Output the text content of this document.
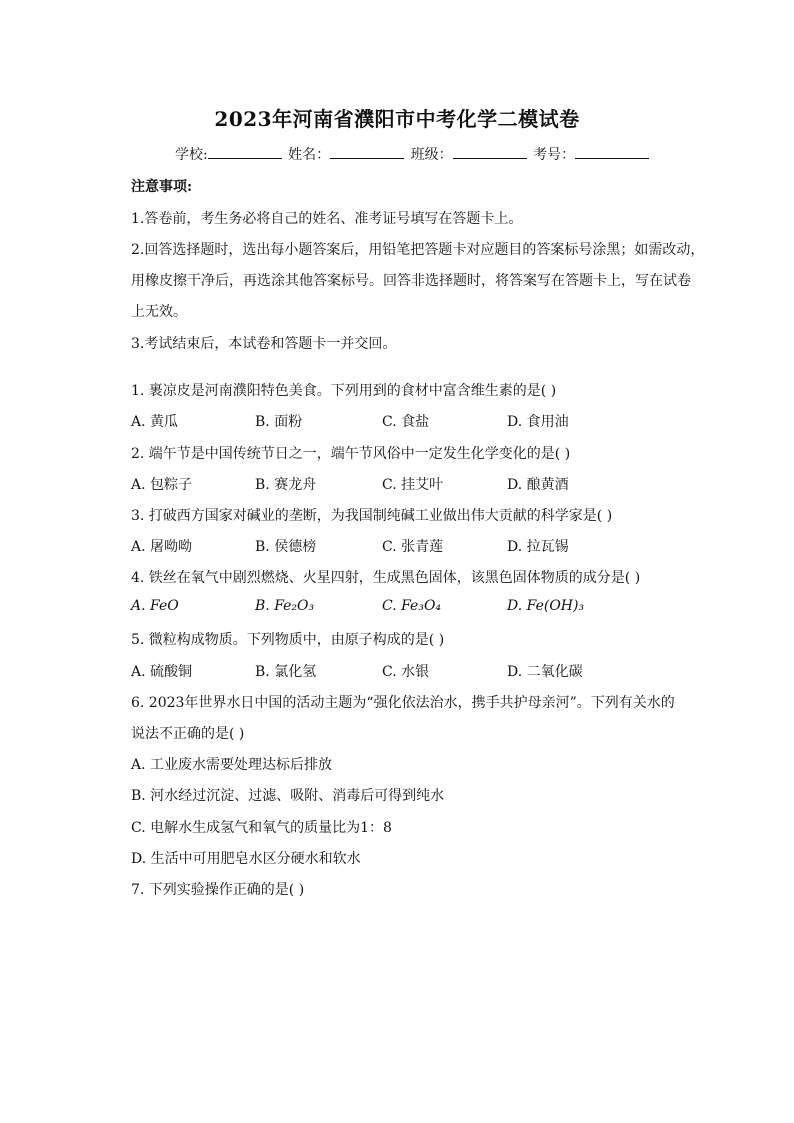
2023年河南省濮阳市中考化学二模试卷
学校:	姓名：	班级：	考号：
注意事项:
1.答卷前，考生务必将自己的姓名、准考证号填写在答题卡上。
2.回答选择题时，选出每小题答案后，用铅笔把答题卡对应题目的答案标号涂黑；如需改动，
用橡皮擦干净后，再选涂其他答案标号。回答非选择题时，将答案写在答题卡上，写在试卷
上无效。
3.考试结束后，本试卷和答题卡一并交回。
1. 裹凉皮是河南濮阳特色美食。下列用到的食材中富含维生素的是( )
A. 黄瓜	B. 面粉	C. 食盐	D. 食用油
2. 端午节是中国传统节日之一，端午节风俗中一定发生化学变化的是( )
A. 包粽子	B. 赛龙舟	C. 挂艾叶	D. 酿黄酒
3. 打破西方国家对碱业的垄断，为我国制纯碱工业做出伟大贡献的科学家是( )
A. 屠呦呦	B. 侯德榜	C. 张青莲	D. 拉瓦锡
4. 铁丝在氧气中剧烈燃烧、火星四射，生成黑色固体，该黑色固体物质的成分是( )
A. FeO	B. Fe₂O₃	C. Fe₃O₄	D. Fe(OH)₃
5. 微粒构成物质。下列物质中，由原子构成的是( )
A. 硫酸铜	B. 氯化氢	C. 水银	D. 二氧化碳
6. 2023年世界水日中国的活动主题为“强化依法治水，携手共护母亲河”。下列有关水的
说法不正确的是( )
A. 工业废水需要处理达标后排放
B. 河水经过沉淀、过滤、吸附、消毒后可得到纯水
C. 电解水生成氢气和氧气的质量比为1：8
D. 生活中可用肥皂水区分硬水和软水
7. 下列实验操作正确的是( )
